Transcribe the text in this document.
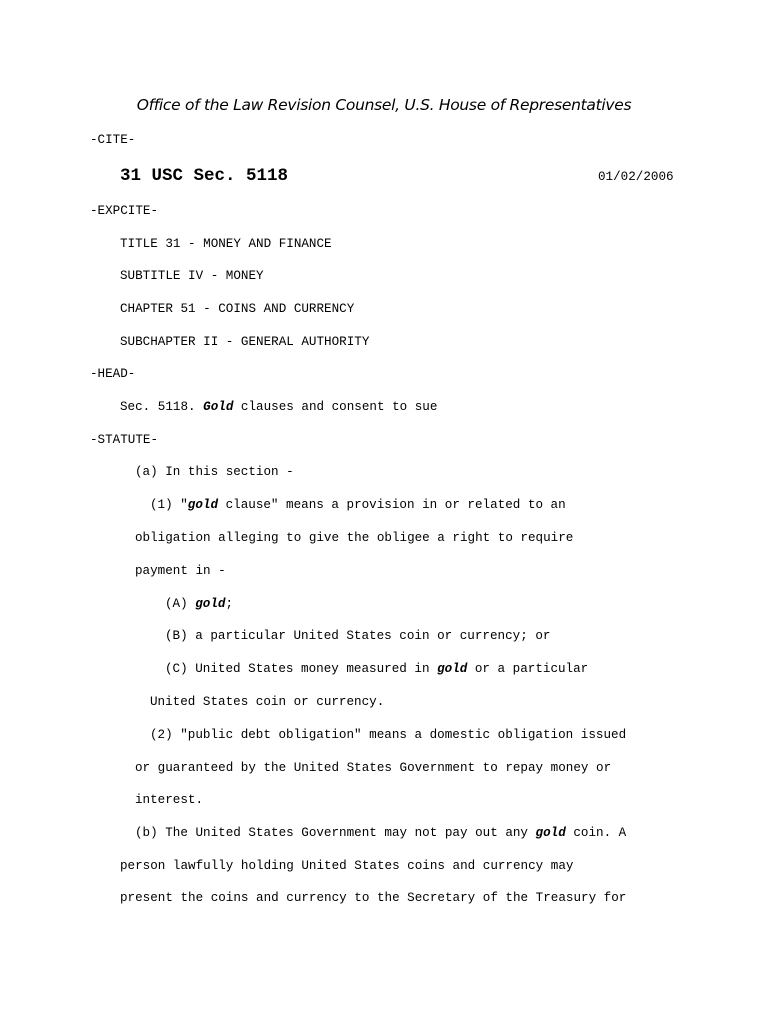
Office of the Law Revision Counsel, U.S. House of Representatives
-CITE-
31 USC Sec. 5118	01/02/2006
-EXPCITE-
TITLE 31 - MONEY AND FINANCE
SUBTITLE IV - MONEY
CHAPTER 51 - COINS AND CURRENCY
SUBCHAPTER II - GENERAL AUTHORITY
-HEAD-
Sec. 5118. Gold clauses and consent to sue
-STATUTE-
(a) In this section -
(1) "gold clause" means a provision in or related to an
obligation alleging to give the obligee a right to require
payment in -
(A) gold;
(B) a particular United States coin or currency; or
(C) United States money measured in gold or a particular
United States coin or currency.
(2) "public debt obligation" means a domestic obligation issued
or guaranteed by the United States Government to repay money or
interest.
(b) The United States Government may not pay out any gold coin. A
person lawfully holding United States coins and currency may
present the coins and currency to the Secretary of the Treasury for
